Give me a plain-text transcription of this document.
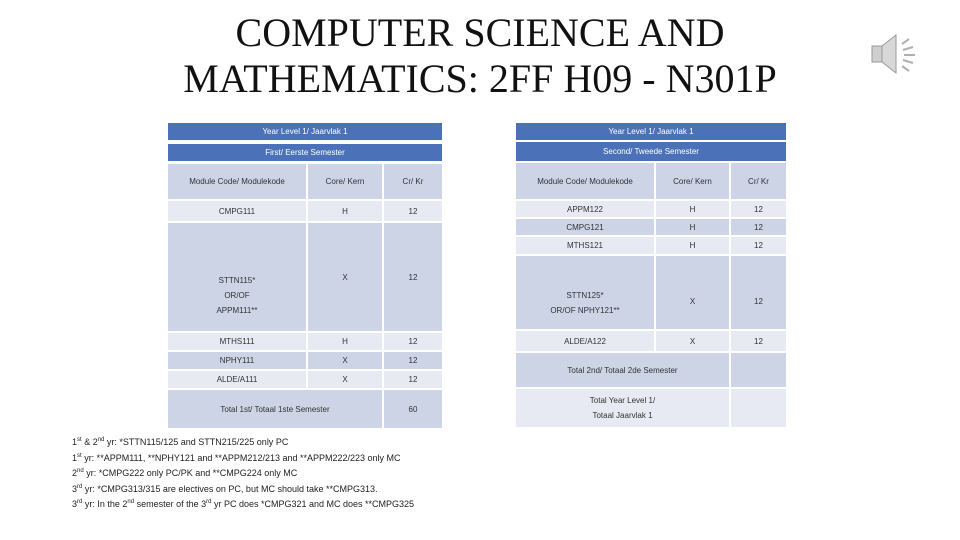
COMPUTER SCIENCE AND
MATHEMATICS: 2FF H09 - N301P
Year Level 1/ Jaarvlak 1
First/ Eerste Semester
Module Code/ Modulekode	Core/ Kern	Cr/ Kr
CMPG111	H	12
STTN115*
OR/OF
APPM111**
X	12
MTHS111	H	12
NPHY111	X	12
ALDE/A111	X	12
Total 1st/ Totaal 1ste Semester	60
Year Level 1/ Jaarvlak 1
Second/ Tweede Semester
Module Code/ Modulekode	Core/ Kern	Cr/ Kr
APPM122	H	12
CMPG121	H	12
MTHS121	H	12
STTN125*
OR/OF NPHY121**
X	12
ALDE/A122	X	12
Total 2nd/ Totaal 2de Semester
Total Year Level 1/
Totaal Jaarvlak 1
1st & 2nd yr: *STTN115/125 and STTN215/225 only PC
1st yr: **APPM111, **NPHY121 and **APPM212/213 and **APPM222/223 only MC
2nd yr: *CMPG222 only PC/PK and **CMPG224 only MC
3rd yr: *CMPG313/315 are electives on PC, but MC should take **CMPG313.
3rd yr: In the 2nd semester of the 3rd yr PC does *CMPG321 and MC does **CMPG325
